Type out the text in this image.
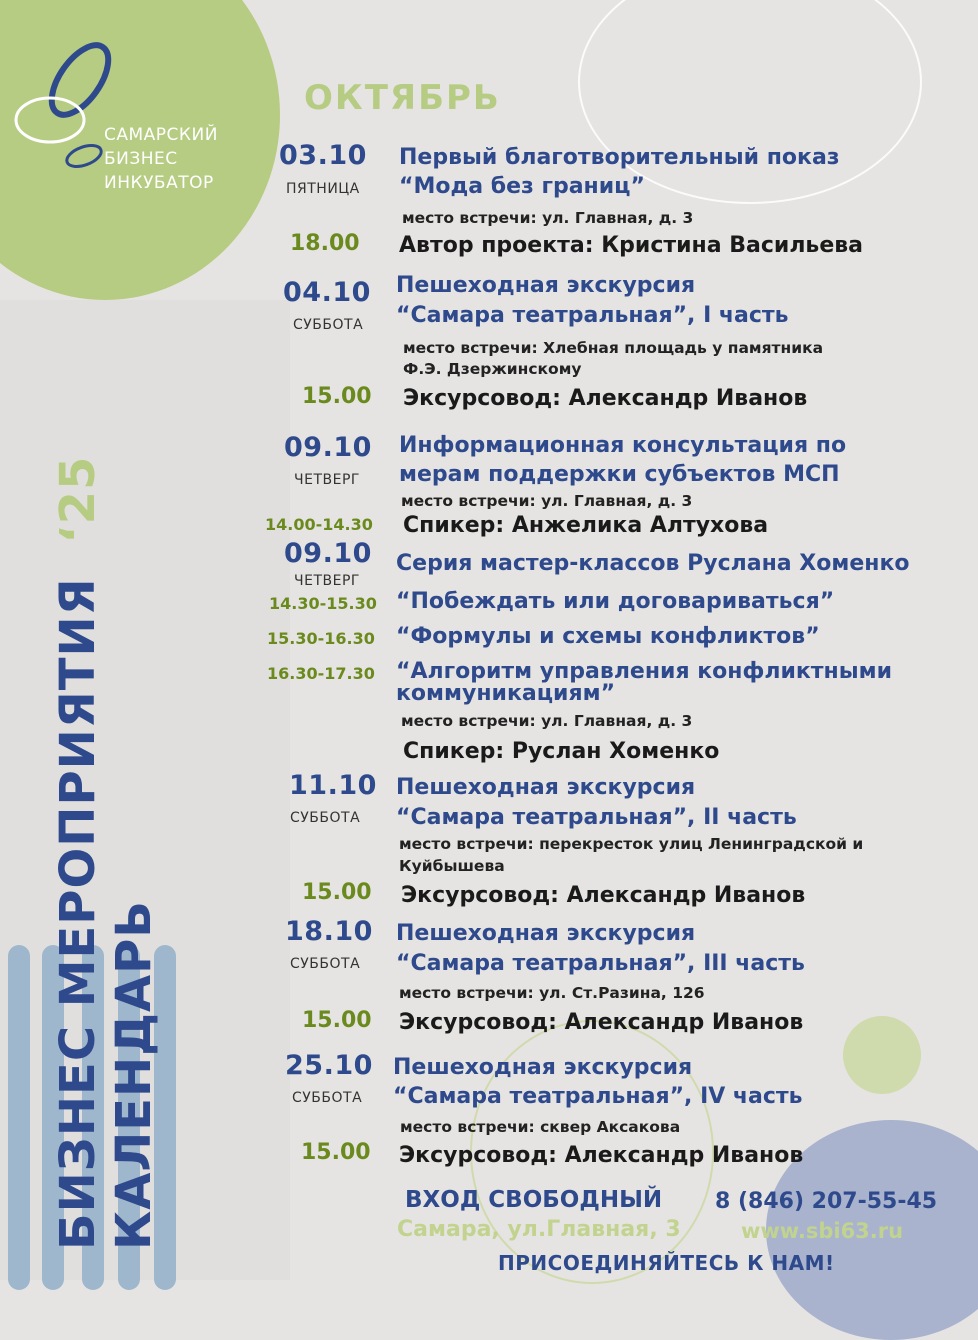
САМАРСКИЙ
БИЗНЕС
ИНКУБАТОР
БИЗНЕС МЕРОПРИЯТИЯ ‘25
КАЛЕНДАРЬ
ОКТЯБРЬ
03.10
ПЯТНИЦА
Первый благотворительный показ
“Мода без границ”
место встречи: ул. Главная, д. 3
18.00 Автор проекта: Кристина Васильева
04.10
СУББОТА
Пешеходная экскурсия
“Самара театральная”, I часть
место встречи: Хлебная площадь у памятника
Ф.Э. Дзержинскому
15.00 Эксурсовод: Александр Иванов
09.10
ЧЕТВЕРГ
Информационная консультация по
мерам поддержки субъектов МСП
место встречи: ул. Главная, д. 3
14.00-14.30 Спикер: Анжелика Алтухова
09.10
ЧЕТВЕРГ
Серия мастер-классов Руслана Хоменко
14.30-15.30 “Побеждать или договариваться”
15.30-16.30 “Формулы и схемы конфликтов”
16.30-17.30 “Алгоритм управления конфликтными
коммуникациям”
место встречи: ул. Главная, д. 3
Спикер: Руслан Хоменко
11.10
СУББОТА
Пешеходная экскурсия
“Самара театральная”, II часть
место встречи: перекресток улиц Ленинградской и
Куйбышева
15.00 Эксурсовод: Александр Иванов
18.10
СУББОТА
Пешеходная экскурсия
“Самара театральная”, III часть
место встречи: ул. Ст.Разина, 126
15.00 Эксурсовод: Александр Иванов
25.10
СУББОТА
Пешеходная экскурсия
“Самара театральная”, IV часть
место встречи: сквер Аксакова
15.00 Эксурсовод: Александр Иванов
ВХОД СВОБОДНЫЙ
Самара, ул.Главная, 3
8 (846) 207-55-45
www.sbi63.ru
ПРИСОЕДИНЯЙТЕСЬ К НАМ!
